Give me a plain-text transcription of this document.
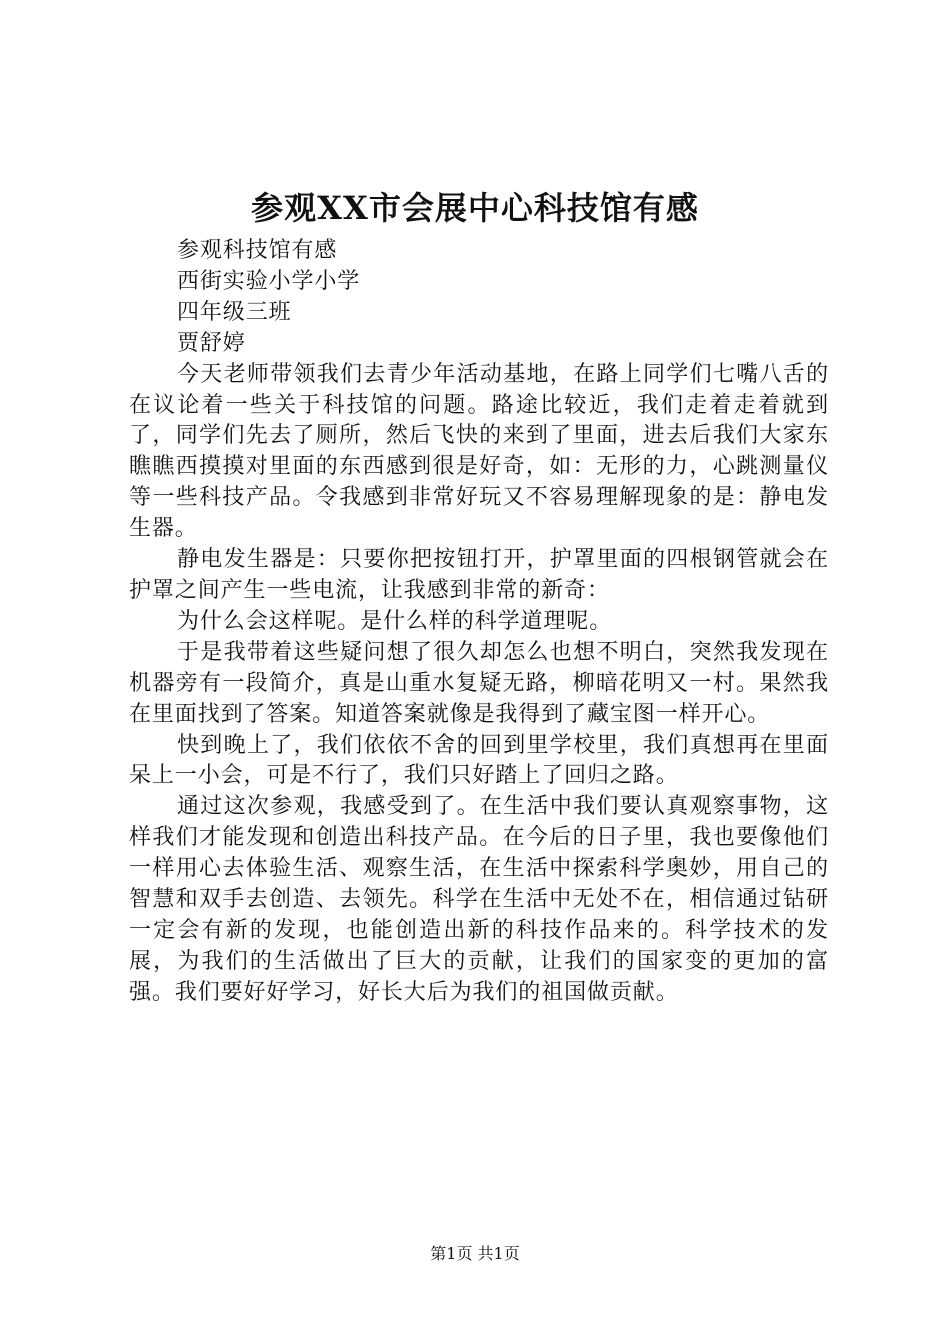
参观XX市会展中心科技馆有感

参观科技馆有感

西街实验小学小学

四年级三班

贾舒婷

今天老师带领我们去青少年活动基地，在路上同学们七嘴八舌的在议论着一些关于科技馆的问题。路途比较近，我们走着走着就到了，同学们先去了厕所，然后飞快的来到了里面，进去后我们大家东瞧瞧西摸摸对里面的东西感到很是好奇，如：无形的力，心跳测量仪等一些科技产品。令我感到非常好玩又不容易理解现象的是：静电发生器。

静电发生器是：只要你把按钮打开，护罩里面的四根钢管就会在护罩之间产生一些电流，让我感到非常的新奇：

为什么会这样呢。是什么样的科学道理呢。

于是我带着这些疑问想了很久却怎么也想不明白，突然我发现在机器旁有一段简介，真是山重水复疑无路，柳暗花明又一村。果然我在里面找到了答案。知道答案就像是我得到了藏宝图一样开心。

快到晚上了，我们依依不舍的回到里学校里，我们真想再在里面呆上一小会，可是不行了，我们只好踏上了回归之路。

通过这次参观，我感受到了。在生活中我们要认真观察事物，这样我们才能发现和创造出科技产品。在今后的日子里，我也要像他们一样用心去体验生活、观察生活，在生活中探索科学奥妙，用自己的智慧和双手去创造、去领先。科学在生活中无处不在，相信通过钻研一定会有新的发现，也能创造出新的科技作品来的。科学技术的发展，为我们的生活做出了巨大的贡献，让我们的国家变的更加的富强。我们要好好学习，好长大后为我们的祖国做贡献。

第1页 共1页
